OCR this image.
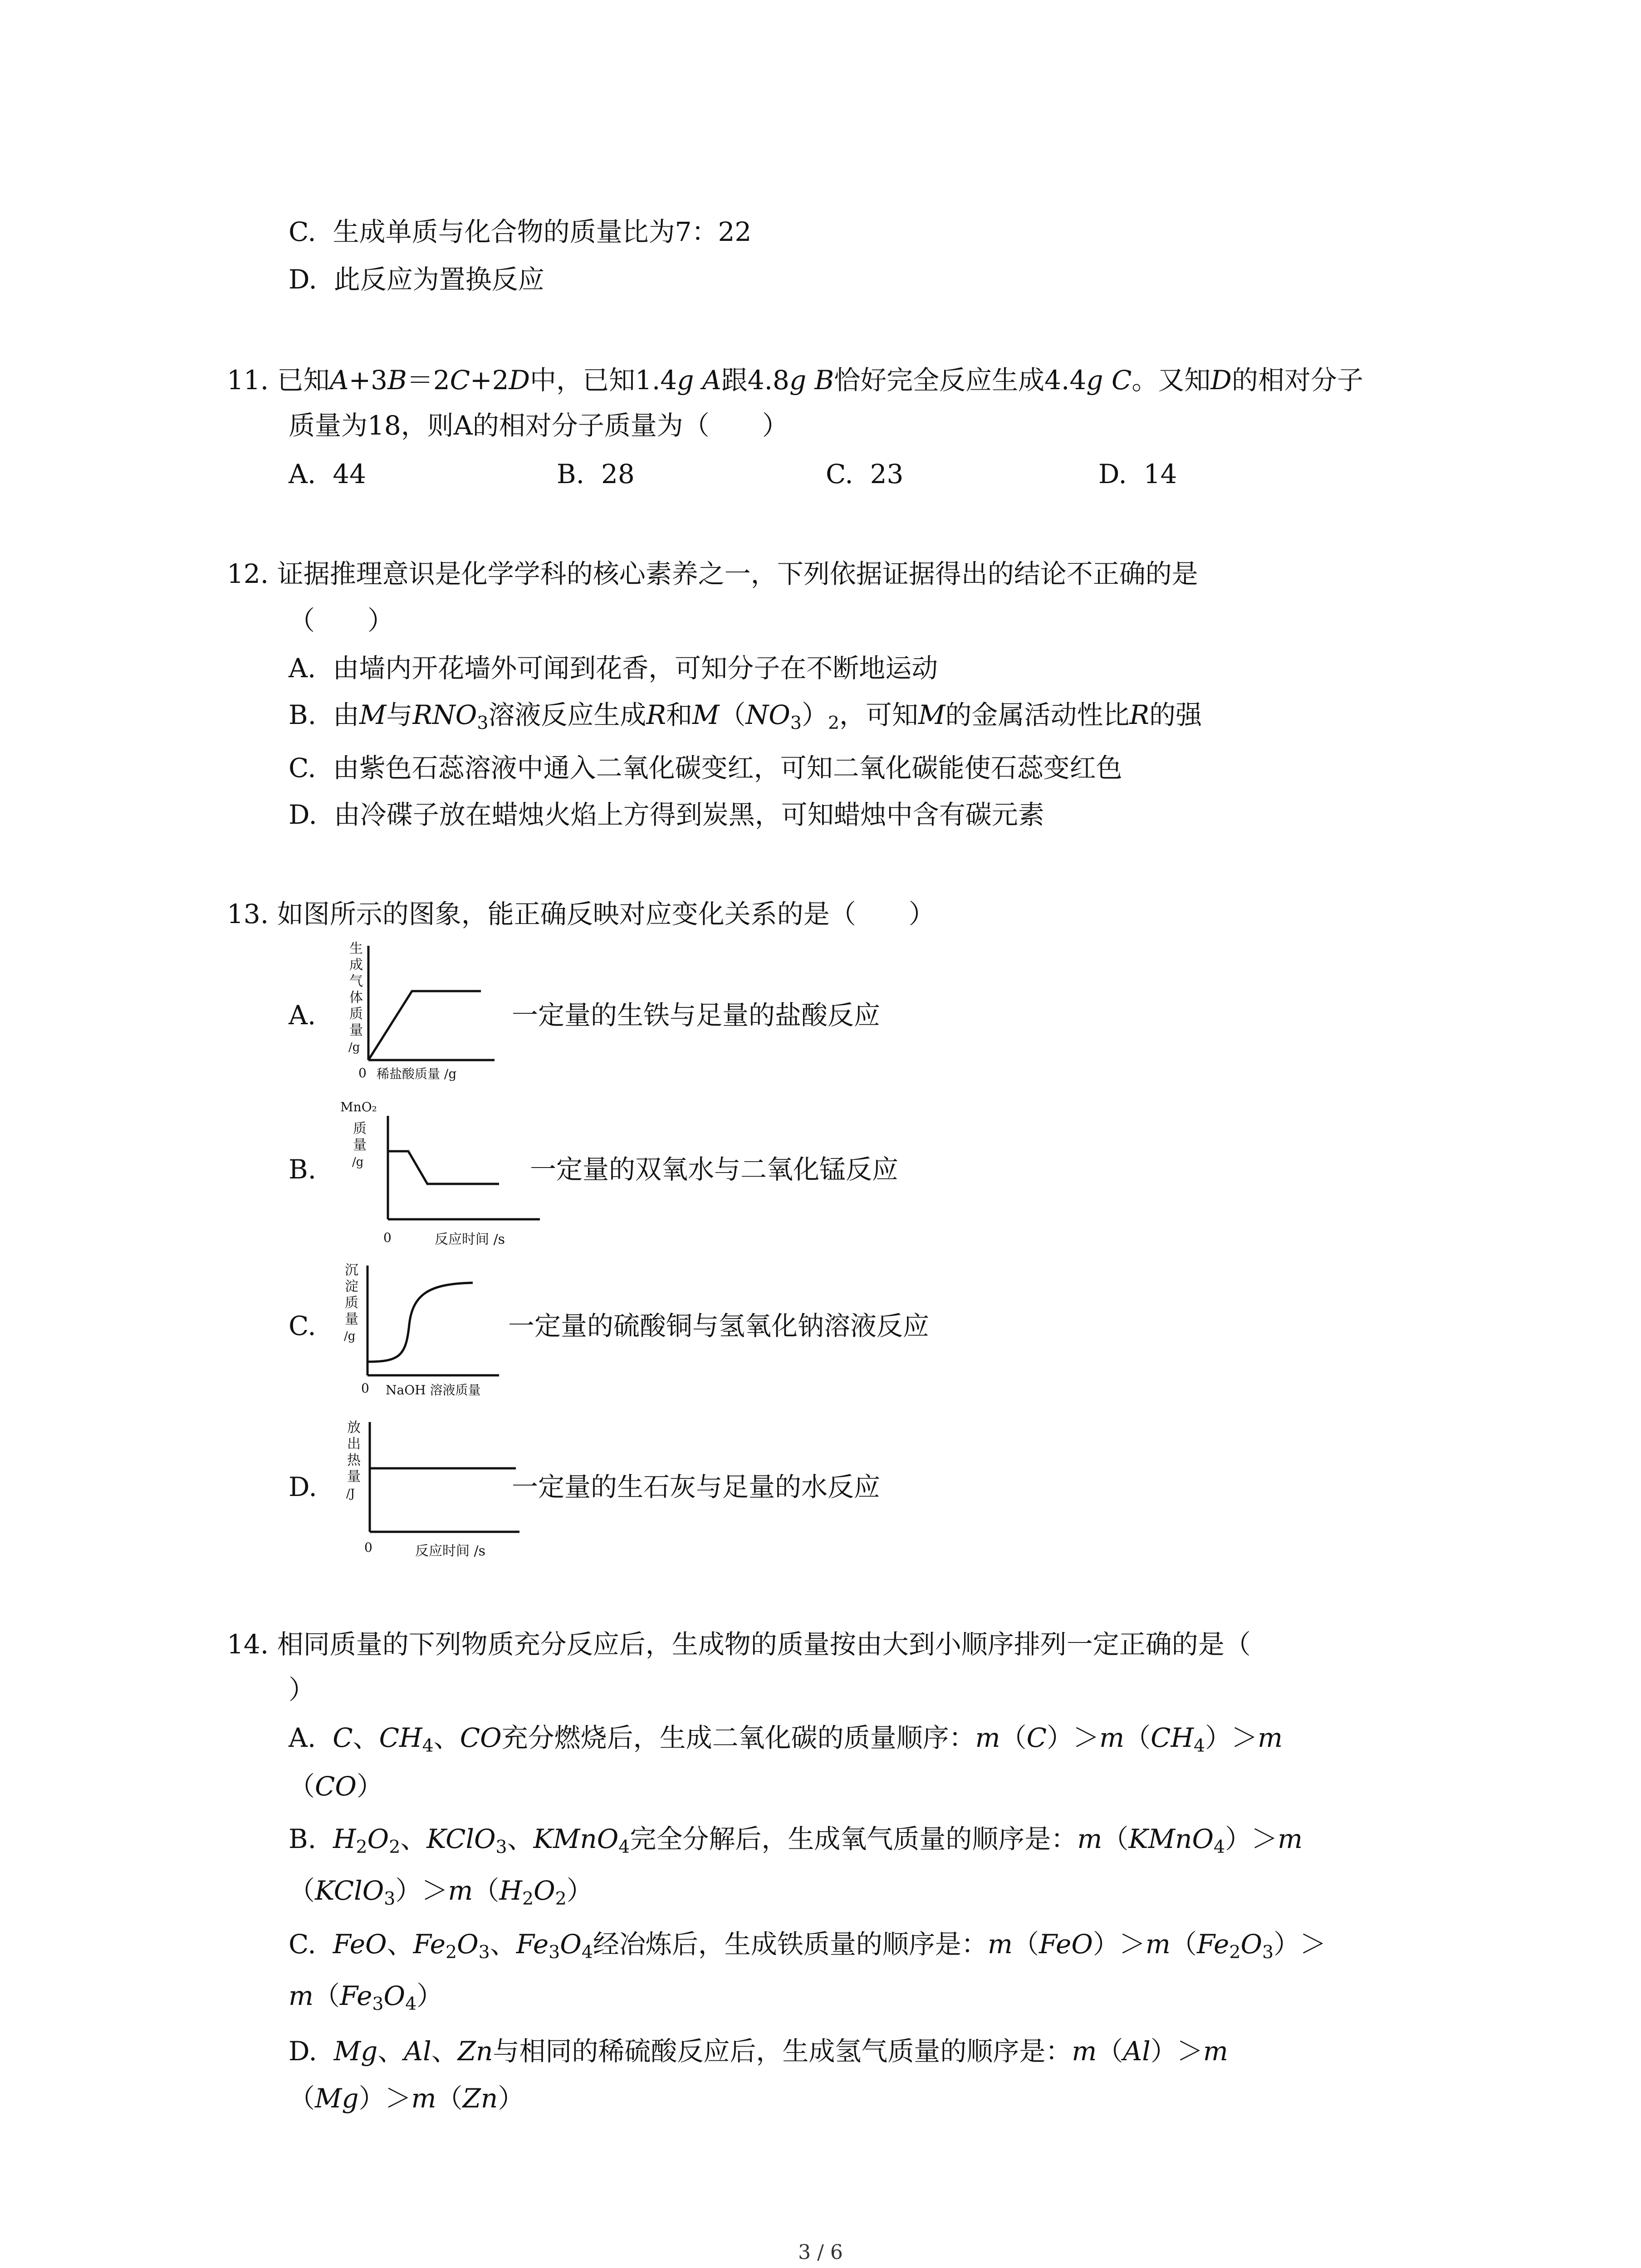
C. 生成单质与化合物的质量比为7：22
D. 此反应为置换反应
11. 已知A+3B＝2C+2D中，已知1.4g A跟4.8g B恰好完全反应生成4.4g C。又知D的相对分子
质量为18，则A的相对分子质量为（　　）
A. 44	B. 28	C. 23	D. 14
12. 证据推理意识是化学学科的核心素养之一，下列依据证据得出的结论不正确的是
（　　）
A. 由墙内开花墙外可闻到花香，可知分子在不断地运动
B.  由M与$RNO_3$溶液反应生成R和$M(NO_3)_2$，可知M的金属活动性比R的强
C. 由紫色石蕊溶液中通入二氧化碳变红，可知二氧化碳能使石蕊变红色
D. 由冷碟子放在蜡烛火焰上方得到炭黑，可知蜡烛中含有碳元素
13. 如图所示的图象，能正确反映对应变化关系的是（　　）
A.
生
成
气
体
质
量
/g
0 稀盐酸质量 /g
一定量的生铁与足量的盐酸反应
B.
MnO₂
质
量
/g
0	反应时间 /s
一定量的双氧水与二氧化锰反应
C.
沉
淀
质
量
/g
0 NaOH 溶液质量
一定量的硫酸铜与氢氧化钠溶液反应
D.
放
出
热
量
/J
0	反应时间 /s
一定量的生石灰与足量的水反应
14. 相同质量的下列物质充分反应后，生成物的质量按由大到小顺序排列一定正确的是（
）
A. C、$CH_4$、CO充分燃烧后，生成二氧化碳的质量顺序：$m(C)>m(CH_4)>m$
（CO）
B. $H_2O_2$、KClO$_3$、KMnO$_4$完全分解后，生成氧气质量的顺序是：m（KMnO$_4$）＞m
$(KClO_3)>m(H_2O_2)$
C. FeO、$Fe_2O_3$、$Fe_3O_4$经冶炼后，生成铁质量的顺序是：$m(FeO)>m(Fe_2O_3)>$
$m(Fe_3O_4)$
D. Mg、Al、Zn与相同的稀硫酸反应后，生成氢气质量的顺序是：m（Al）＞m
（Mg）＞m（Zn）
3 / 6
